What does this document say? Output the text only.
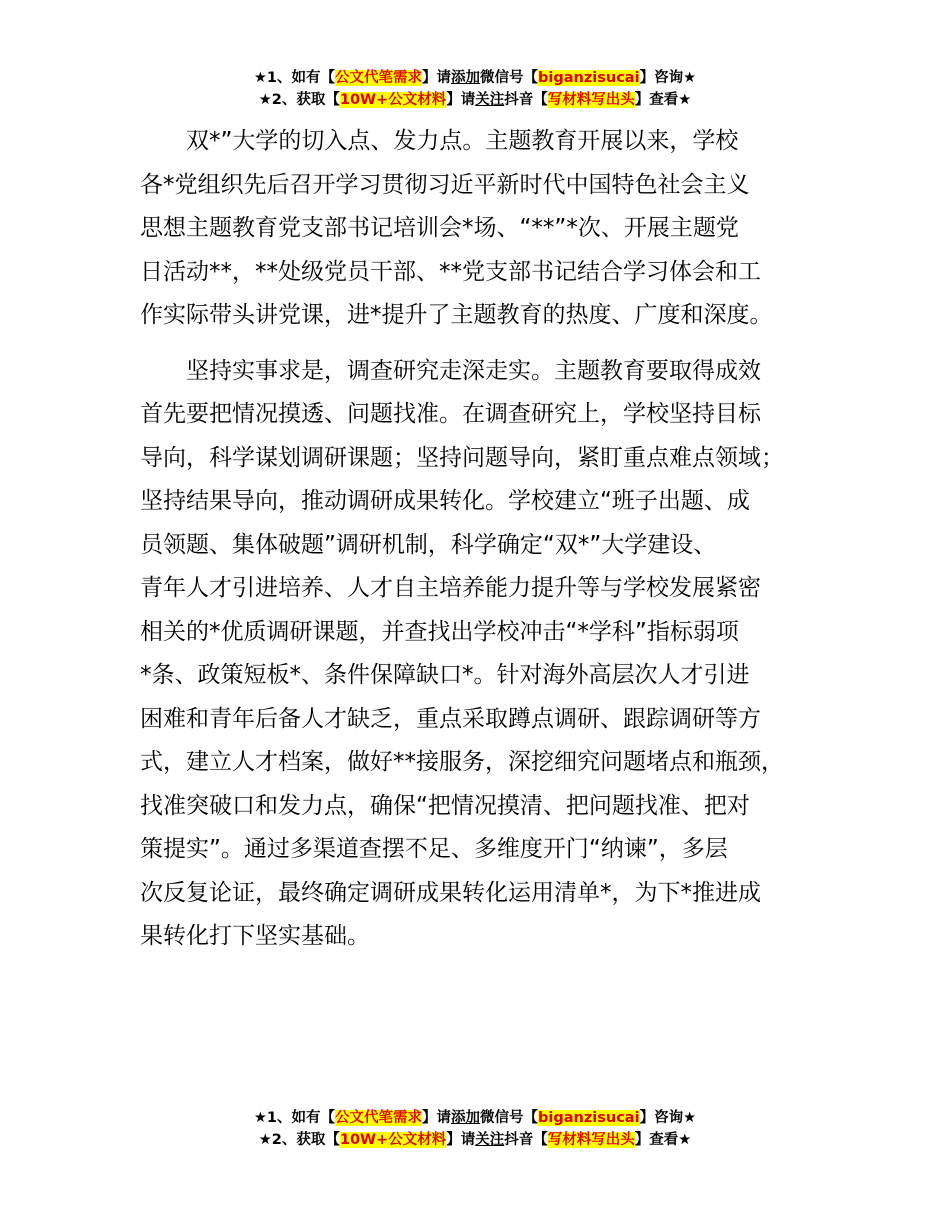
★1、如有【公文代笔需求】请添加微信号【biganzisucai】咨询★
★2、获取【10W+公文材料】请关注抖音【写材料写出头】查看★

　　双*”大学的切入点、发力点。主题教育开展以来，学校

各*党组织先后召开学习贯彻习近平新时代中国特色社会主义

思想主题教育党支部书记培训会*场、“**”*次、开展主题党

日活动**，**处级党员干部、**党支部书记结合学习体会和工

作实际带头讲党课，进*提升了主题教育的热度、广度和深度。

　　坚持实事求是，调查研究走深走实。主题教育要取得成效

首先要把情况摸透、问题找准。在调查研究上，学校坚持目标

导向，科学谋划调研课题；坚持问题导向，紧盯重点难点领域；

坚持结果导向，推动调研成果转化。学校建立“班子出题、成

员领题、集体破题”调研机制，科学确定“双*”大学建设、

青年人才引进培养、人才自主培养能力提升等与学校发展紧密

相关的*优质调研课题，并查找出学校冲击“*学科”指标弱项

*条、政策短板*、条件保障缺口*。针对海外高层次人才引进

困难和青年后备人才缺乏，重点采取蹲点调研、跟踪调研等方

式，建立人才档案，做好**接服务，深挖细究问题堵点和瓶颈，

找准突破口和发力点，确保“把情况摸清、把问题找准、把对

策提实”。通过多渠道查摆不足、多维度开门“纳谏”，多层

次反复论证，最终确定调研成果转化运用清单*，为下*推进成

果转化打下坚实基础。

★1、如有【公文代笔需求】请添加微信号【biganzisucai】咨询★
★2、获取【10W+公文材料】请关注抖音【写材料写出头】查看★
